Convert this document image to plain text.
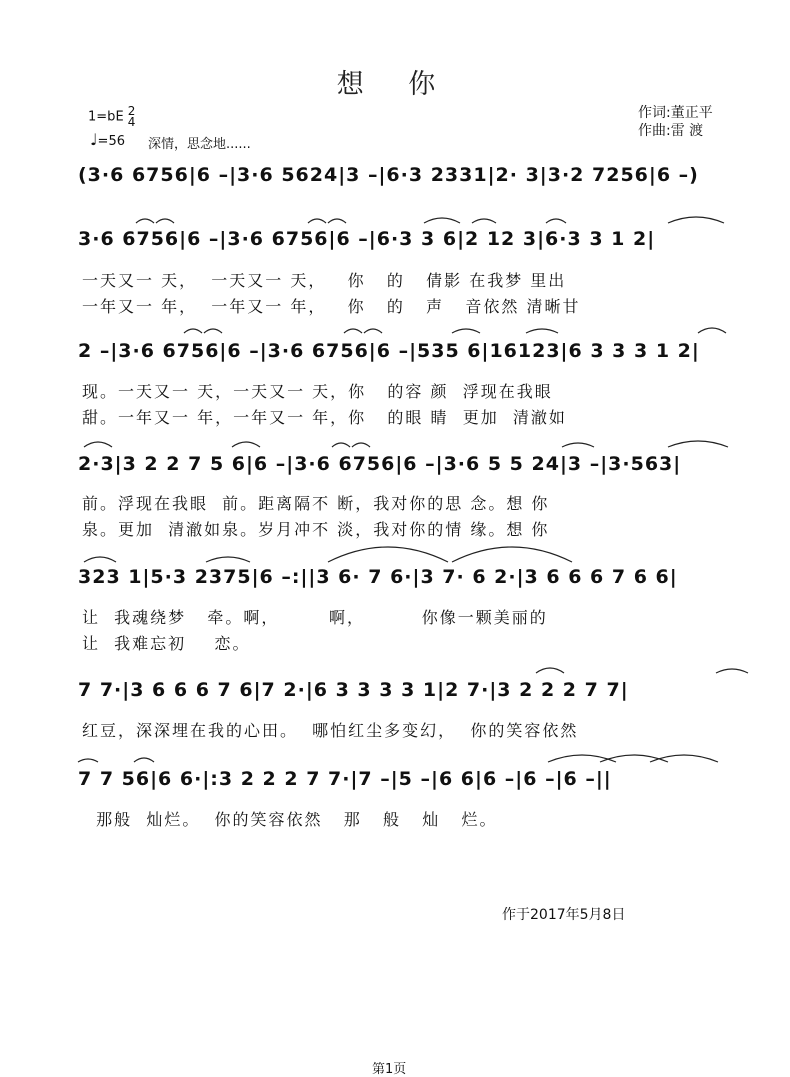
想 你
1=bE 2
4
♩=56 深情，思念地......
作词:董正平
作曲:雷 渡
(3·6 6756|6 –|3·6 5624|3 –|6·3 2331|2· 3|3·2 7256|6 –)
3·6 6756|6 –|3·6 6756|6 –|6·3 3 6|2 12 3|6·3 3 1 2|
一天又一 天，  一天又一 天，   你   的   倩影 在我梦 里出
一年又一 年，  一年又一 年，   你   的   声   音依然 清晰甘
2 –|3·6 6756|6 –|3·6 6756|6 –|535 6|16123|6 3 3 3 1 2|
现。一天又一 天，一天又一 天，你   的容 颜  浮现在我眼
甜。一年又一 年，一年又一 年，你   的眼 睛  更加  清澈如
2·3|3 2 2 7 5 6|6 –|3·6 6756|6 –|3·6 5 5 24|3 –|3·563|
前。浮现在我眼  前。距离隔不 断，我对你的思 念。想 你
泉。更加  清澈如泉。岁月冲不 淡，我对你的情 缘。想 你
323 1|5·3 2375|6 –:||3 6· 7 6·|3 7· 6 2·|3 6 6 6 7 6 6|
让  我魂绕梦   牵。啊，       啊，        你像一颗美丽的
让  我难忘初    恋。
7 7·|3 6 6 6 7 6|7 2·|6 3 3 3 3 1|2 7·|3 2 2 2 7 7|
红豆，深深埋在我的心田。  哪怕红尘多变幻，  你的笑容依然
7 7 56|6 6·|:3 2 2 2 7 7·|7 –|5 –|6 6|6 –|6 –|6 –||
那般  灿烂。  你的笑容依然   那   般   灿   烂。
作于2017年5月8日
第1页
